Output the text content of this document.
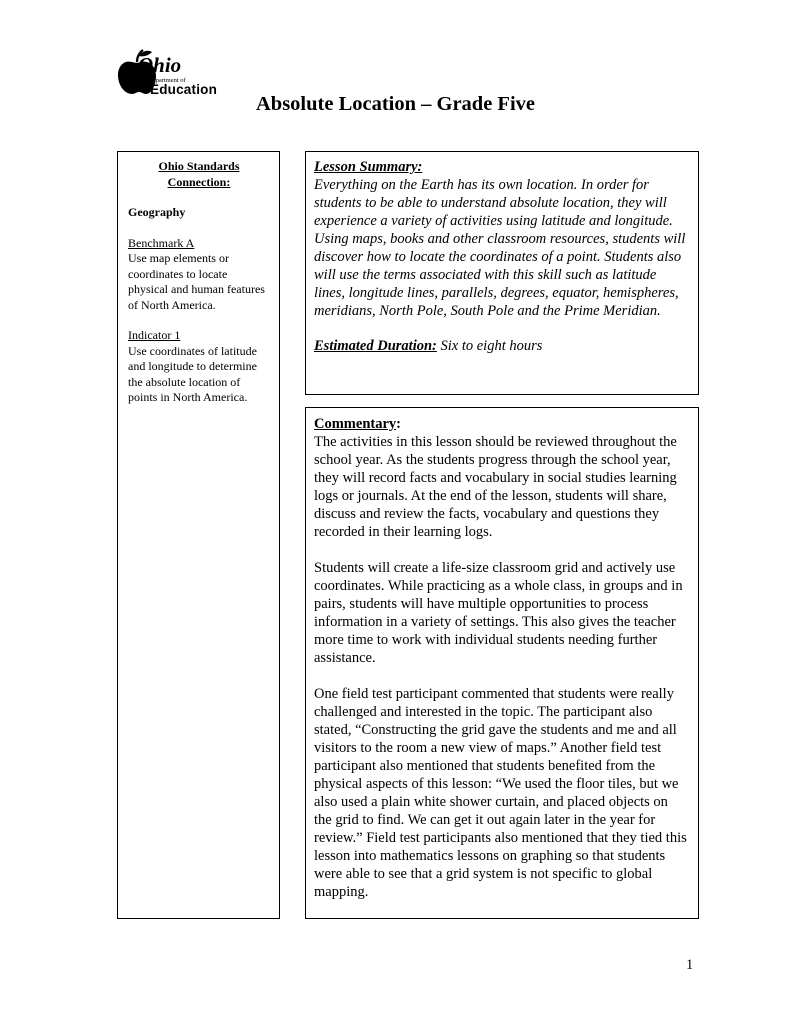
Ohio
Department of
Education
Absolute Location – Grade Five
Ohio Standards
Connection:
Geography
Benchmark A
Use map elements or coordinates to locate physical and human features of North America.
Indicator 1
Use coordinates of latitude and longitude to determine the absolute location of points in North America.
Lesson Summary:
Everything on the Earth has its own location. In order for students to be able to understand absolute location, they will experience a variety of activities using latitude and longitude. Using maps, books and other classroom resources, students will discover how to locate the coordinates of a point. Students also will use the terms associated with this skill such as latitude lines, longitude lines, parallels, degrees, equator, hemispheres, meridians, North Pole, South Pole and the Prime Meridian.
Estimated Duration: Six to eight hours
Commentary:

The activities in this lesson should be reviewed throughout the school year. As the students progress through the school year, they will record facts and vocabulary in social studies learning logs or journals. At the end of the lesson, students will share, discuss and review the facts, vocabulary and questions they recorded in their learning logs.

Students will create a life-size classroom grid and actively use coordinates. While practicing as a whole class, in groups and in pairs, students will have multiple opportunities to process information in a variety of settings. This also gives the teacher more time to work with individual students needing further assistance.

One field test participant commented that students were really challenged and interested in the topic. The participant also stated, “Constructing the grid gave the students and me and all visitors to the room a new view of maps.” Another field test participant also mentioned that students benefited from the physical aspects of this lesson: “We used the floor tiles, but we also used a plain white shower curtain, and placed objects on the grid to find. We can get it out again later in the year for review.” Field test participants also mentioned that they tied this lesson into mathematics lessons on graphing so that students were able to see that a grid system is not specific to global mapping.

1
